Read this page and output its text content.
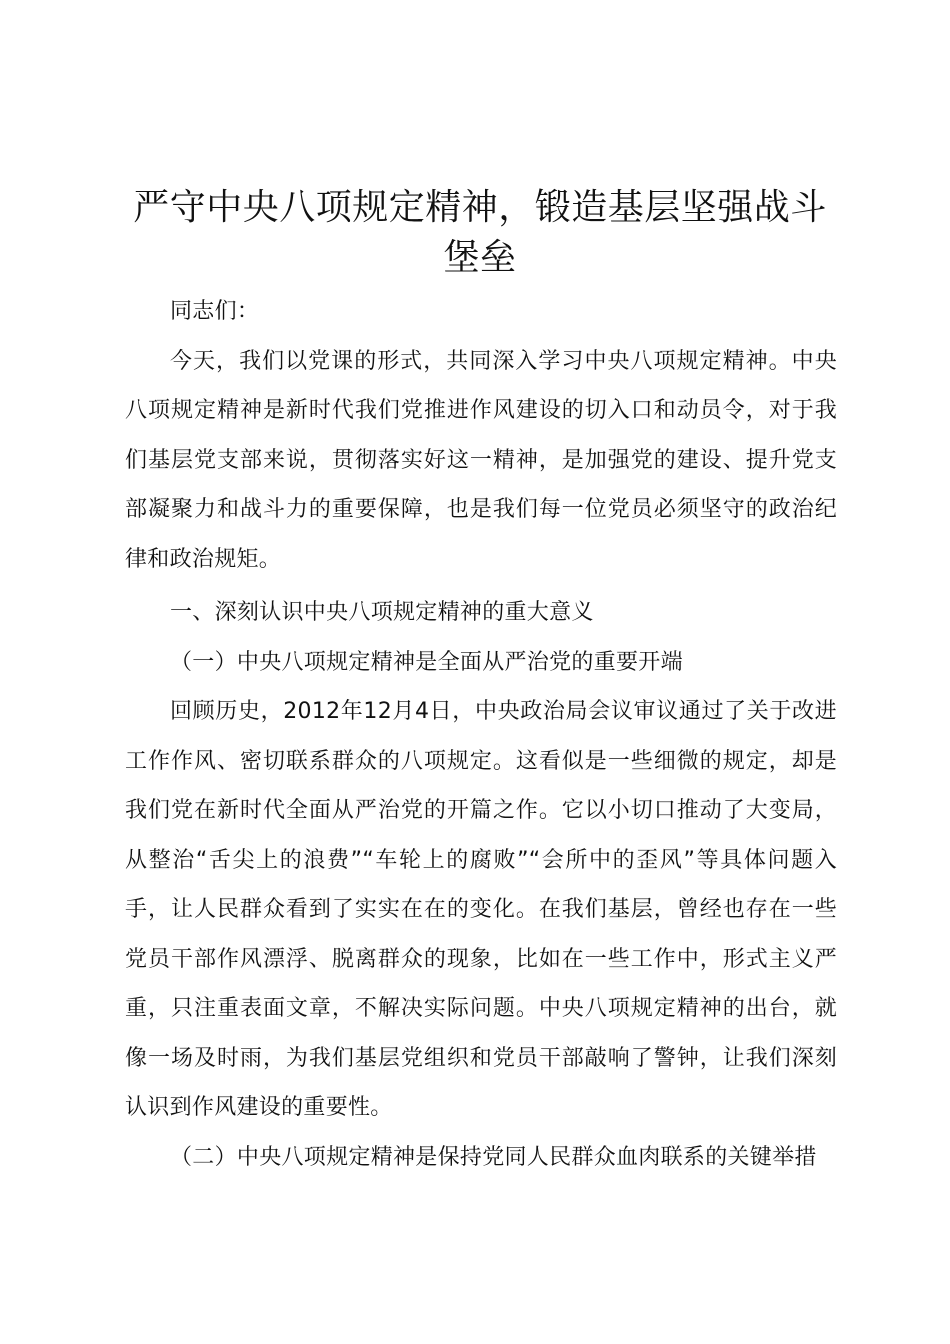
严守中央八项规定精神，锻造基层坚强战斗堡垒

同志们：

今天，我们以党课的形式，共同深入学习中央八项规定精神。中央八项规定精神是新时代我们党推进作风建设的切入口和动员令，对于我们基层党支部来说，贯彻落实好这一精神，是加强党的建设、提升党支部凝聚力和战斗力的重要保障，也是我们每一位党员必须坚守的政治纪律和政治规矩。

一、深刻认识中央八项规定精神的重大意义

（一）中央八项规定精神是全面从严治党的重要开端

回顾历史，2012年12月4日，中央政治局会议审议通过了关于改进工作作风、密切联系群众的八项规定。这看似是一些细微的规定，却是我们党在新时代全面从严治党的开篇之作。它以小切口推动了大变局，从整治“舌尖上的浪费”“车轮上的腐败”“会所中的歪风”等具体问题入手，让人民群众看到了实实在在的变化。在我们基层，曾经也存在一些党员干部作风漂浮、脱离群众的现象，比如在一些工作中，形式主义严重，只注重表面文章，不解决实际问题。中央八项规定精神的出台，就像一场及时雨，为我们基层党组织和党员干部敲响了警钟，让我们深刻认识到作风建设的重要性。

（二）中央八项规定精神是保持党同人民群众血肉联系的关键举措
